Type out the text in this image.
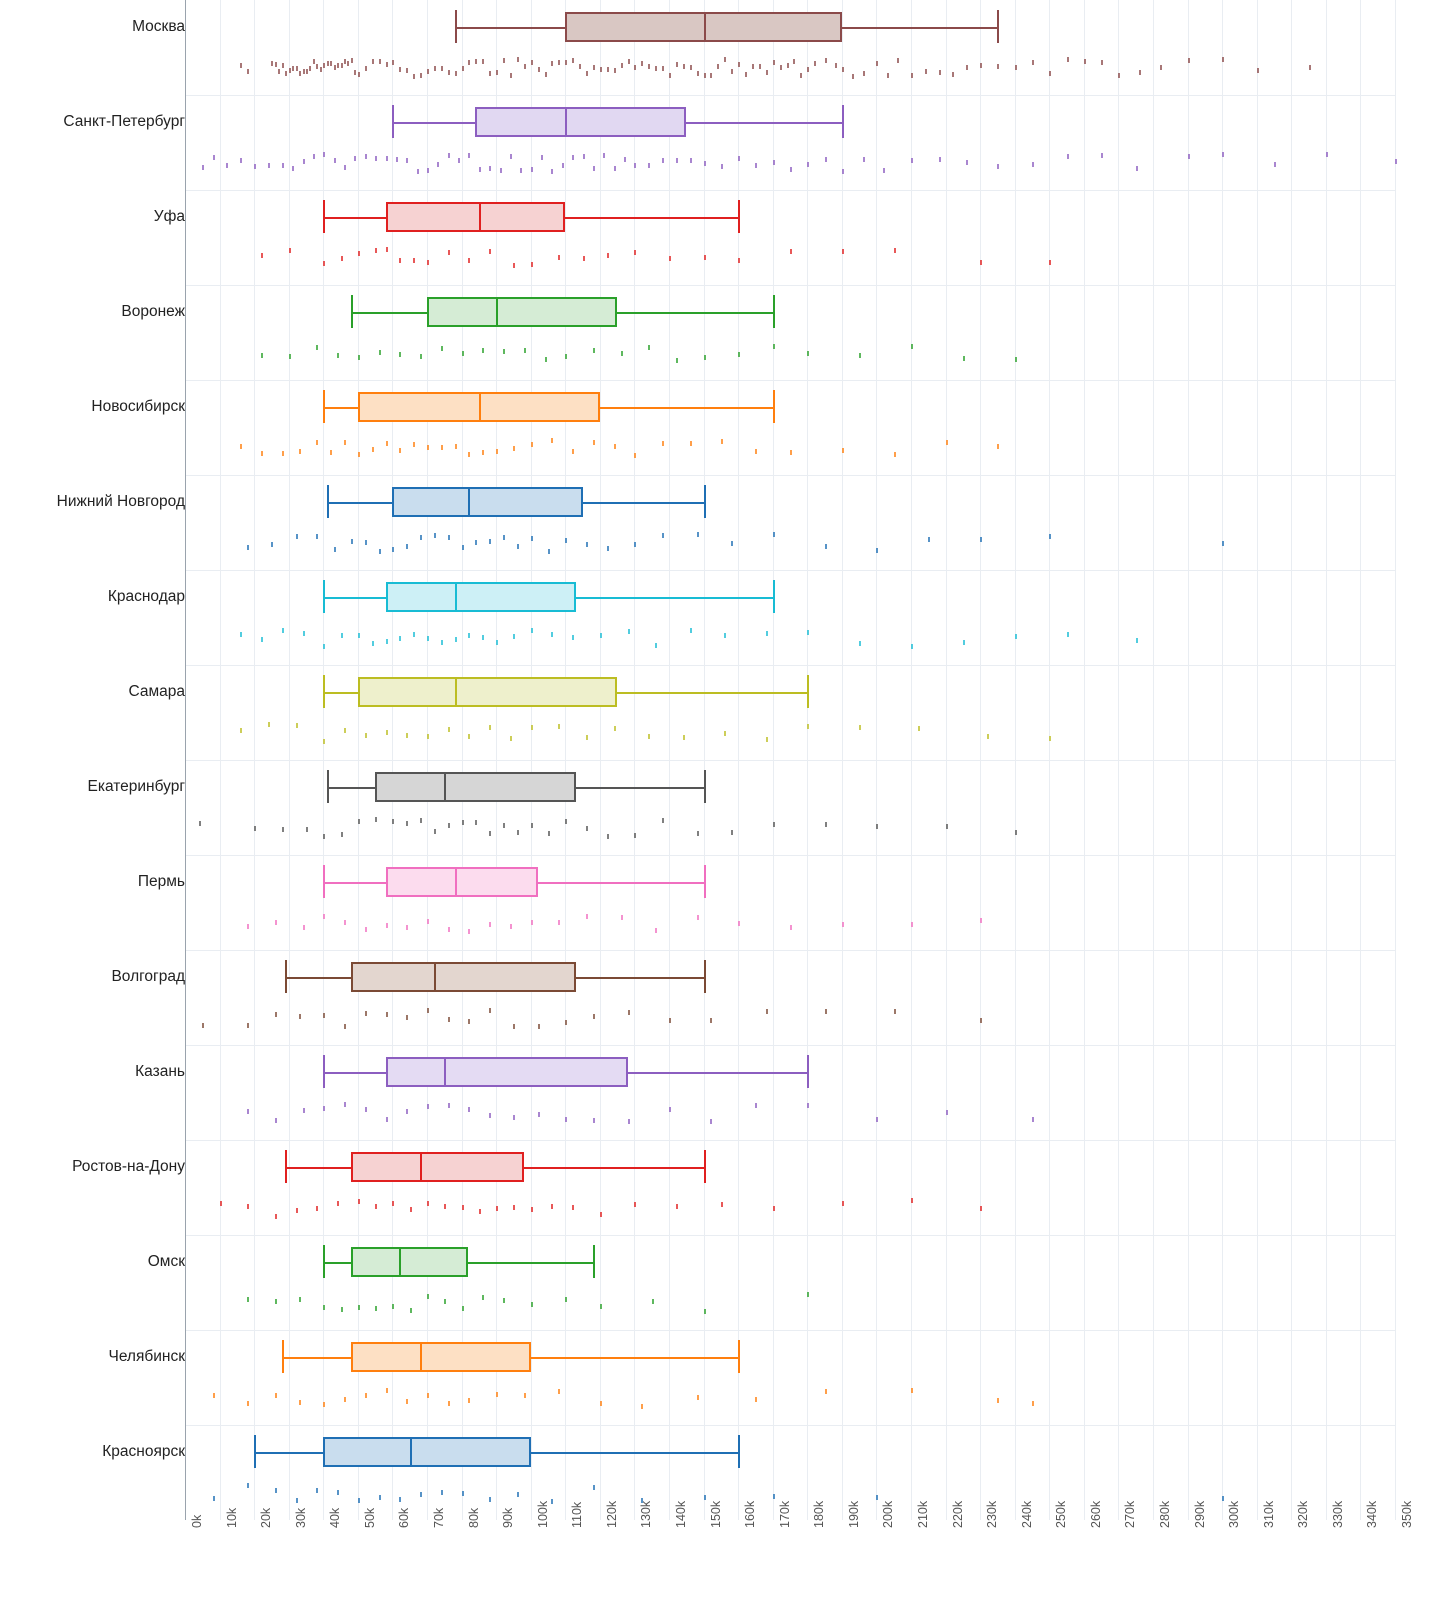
Москва
Санкт-Петербург
Уфа
Воронеж
Новосибирск
Нижний Новгород
Краснодар
Самара
Екатеринбург
Пермь
Волгоград
Казань
Ростов-на-Дону
Омск
Челябинск
Красноярск
0k 10k 20k 30k 40k 50k 60k 70k 80k 90k 100k 110k 120k 130k 140k 150k 160k 170k 180k 190k 200k 210k 220k 230k 240k 250k 260k 270k 280k 290k 300k 310k 320k 330k 340k 350k
